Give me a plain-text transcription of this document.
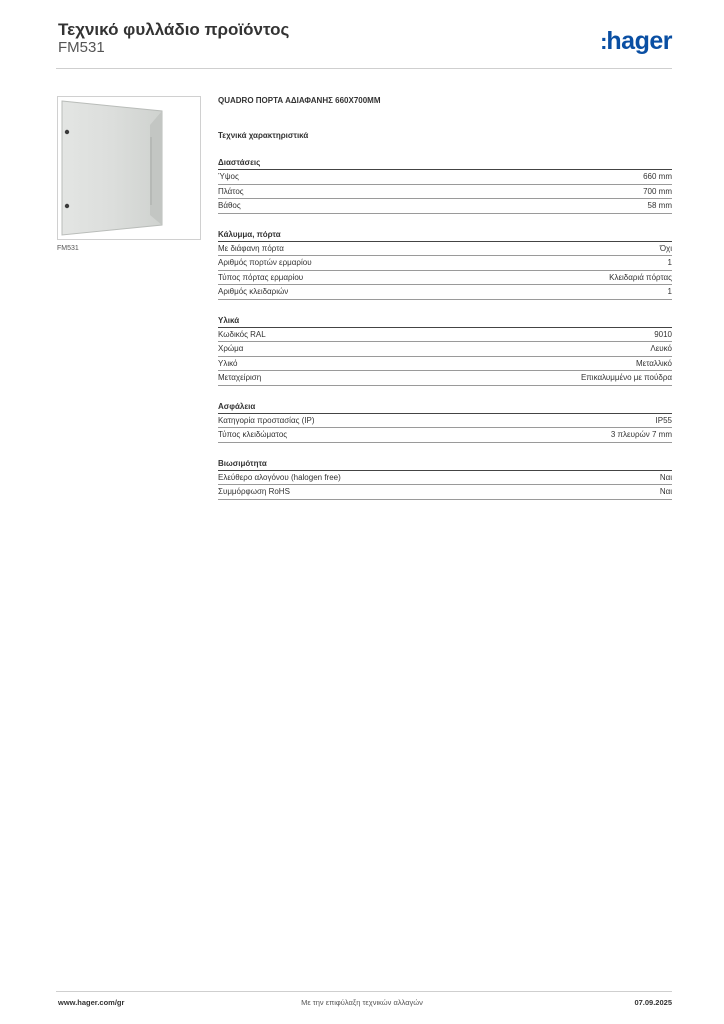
Τεχνικό φυλλάδιο προϊόντος
FM531	:hager
FM531
QUADRO ΠΟΡΤΑ ΑΔΙΑΦΑΝΗΣ 660X700MM
Τεχνικά χαρακτηριστικά
Διαστάσεις
Ύψος	660 mm
Πλάτος	700 mm
Βάθος	58 mm
Κάλυμμα, πόρτα
Με διάφανη πόρτα	Όχι
Αριθμός πορτών ερμαρίου	1
Τύπος πόρτας ερμαρίου	Κλειδαριά πόρτας
Αριθμός κλειδαριών	1
Υλικά
Κωδικός RAL	9010
Χρώμα	Λευκό
Υλικό	Μεταλλικό
Μεταχείριση	Επικαλυμμένο με πούδρα
Ασφάλεια
Κατηγορία προστασίας (IP)	IP55
Τύπος κλειδώματος	3 πλευρών 7 mm
Βιωσιμότητα
Ελεύθερο αλογόνου (halogen free)	Ναι
Συμμόρφωση RoHS	Ναι
www.hager.com/gr	Με την επιφύλαξη τεχνικών αλλαγών	07.09.2025
